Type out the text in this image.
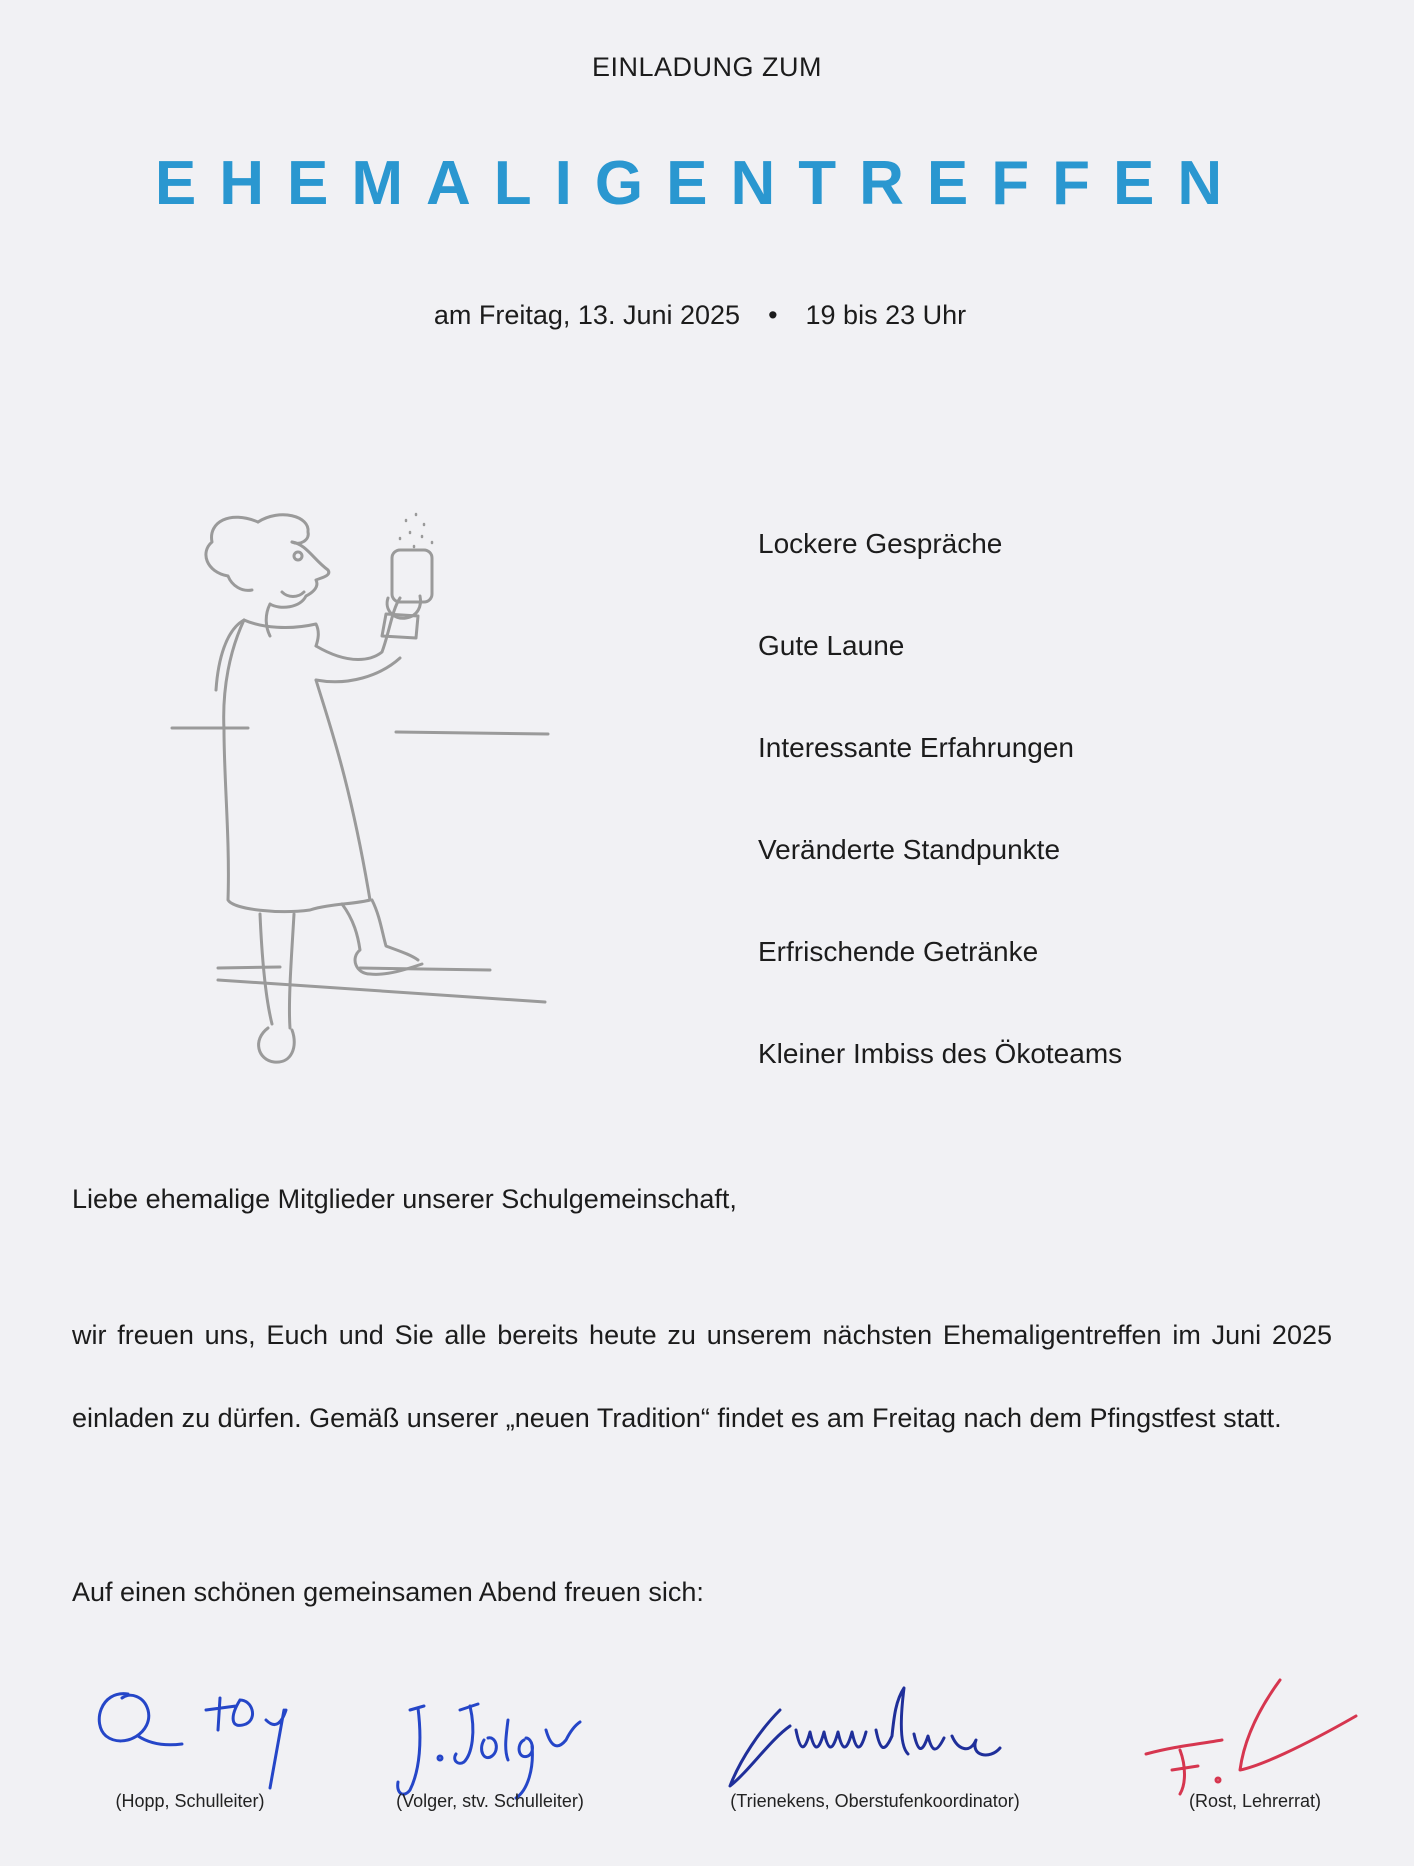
EINLADUNG ZUM
EHEMALIGENTREFFEN
am Freitag, 13. Juni 2025 • 19 bis 23 Uhr
Lockere Gespräche
Gute Laune
Interessante Erfahrungen
Veränderte Standpunkte
Erfrischende Getränke
Kleiner Imbiss des Ökoteams
Liebe ehemalige Mitglieder unserer Schulgemeinschaft,

wir freuen uns, Euch und Sie alle bereits heute zu unserem nächsten Ehemaligentreffen im Juni 2025 einladen zu dürfen. Gemäß unserer „neuen Tradition“ findet es am Freitag nach dem Pfingstfest statt.

Auf einen schönen gemeinsamen Abend freuen sich:
(Hopp, Schulleiter)	(Volger, stv. Schulleiter)	(Trienekens, Oberstufenkoordinator)	(Rost, Lehrerrat)
